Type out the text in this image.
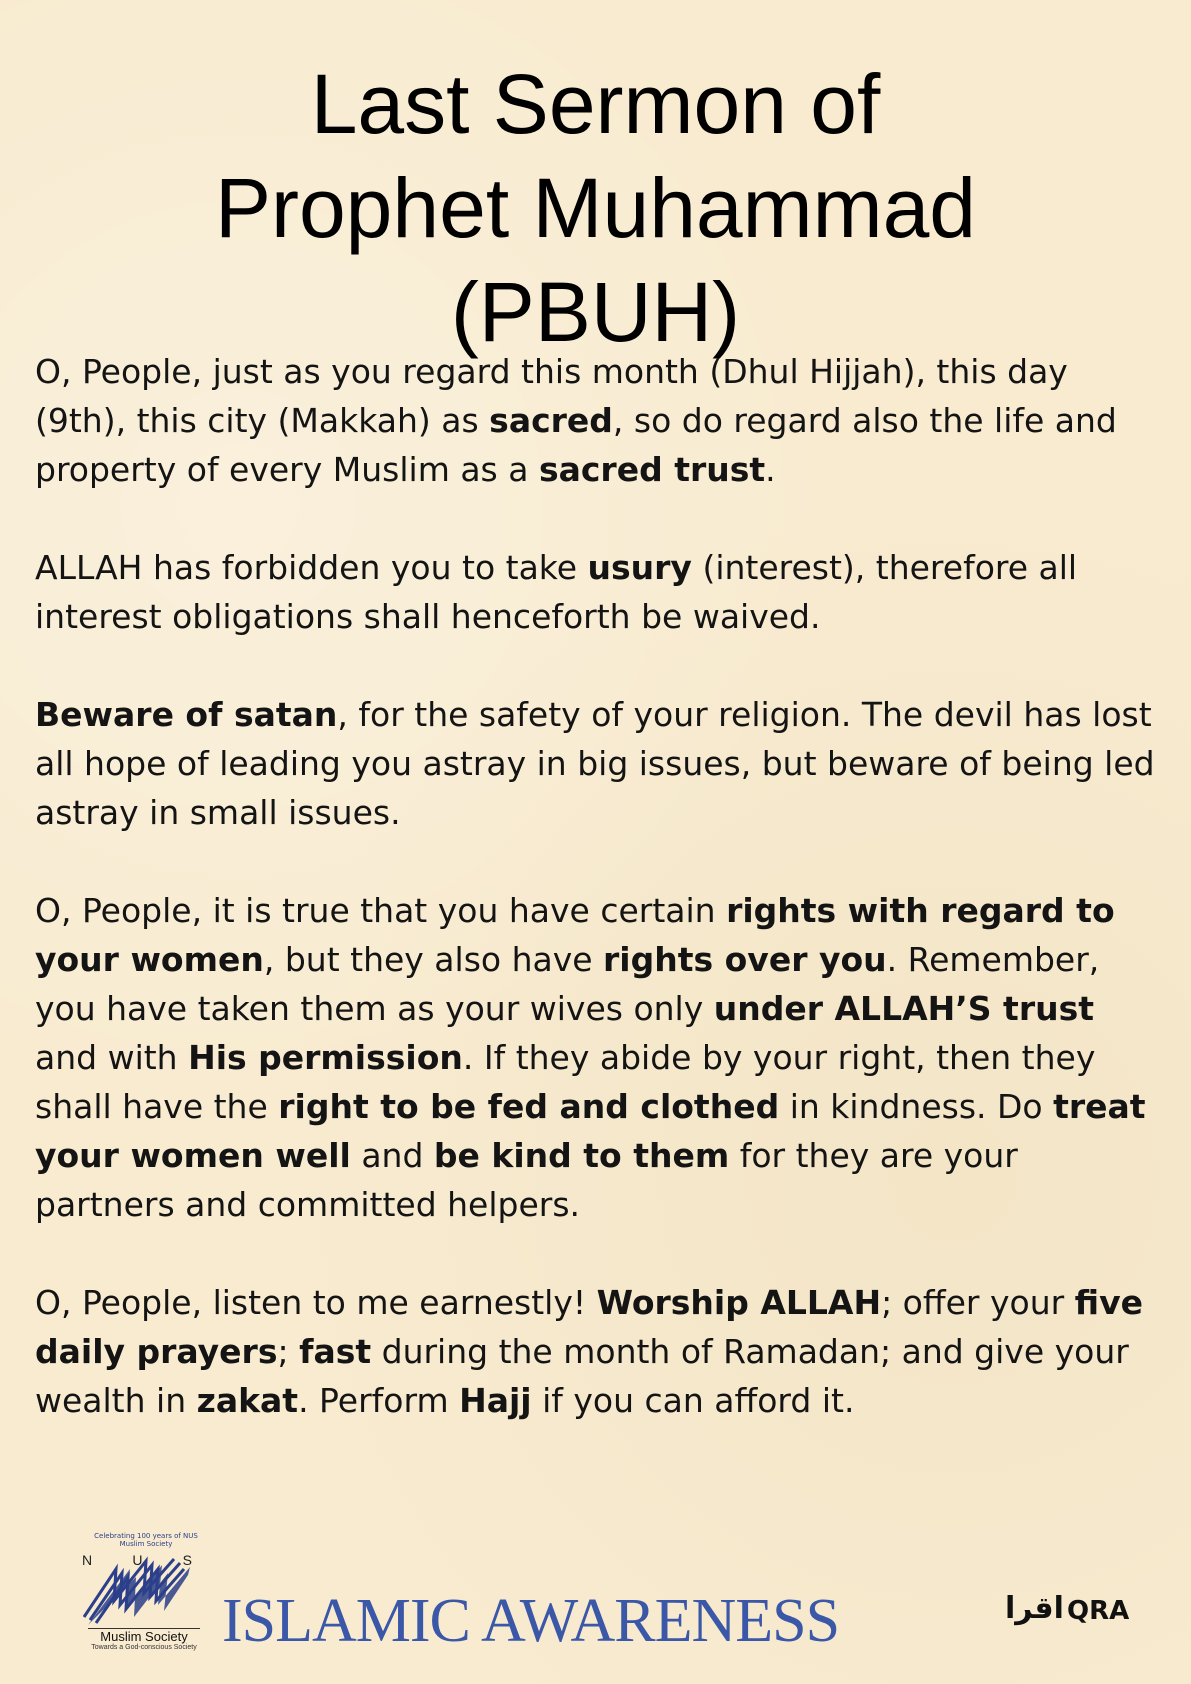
Last Sermon of
Prophet Muhammad
(PBUH)

O, People, just as you regard this month (Dhul Hijjah), this day (9th), this city (Makkah) as sacred, so do regard also the life and property of every Muslim as a sacred trust.

ALLAH has forbidden you to take usury (interest), therefore all interest obligations shall henceforth be waived.

Beware of satan, for the safety of your religion. The devil has lost all hope of leading you astray in big issues, but beware of being led astray in small issues.

O, People, it is true that you have certain rights with regard to your women, but they also have rights over you. Remember, you have taken them as your wives only under ALLAH’S trust and with His permission. If they abide by your right, then they shall have the right to be fed and clothed in kindness. Do treat your women well and be kind to them for they are your partners and committed helpers.

O, People, listen to me earnestly! Worship ALLAH; offer your five daily prayers; fast during the month of Ramadan; and give your wealth in zakat. Perform Hajj if you can afford it.

Celebrating 100 years of NUS Muslim Society
N	U	S
Muslim Society
Towards a God-conscious Society ISLAMIC AWARENESS	اقرا QRA
